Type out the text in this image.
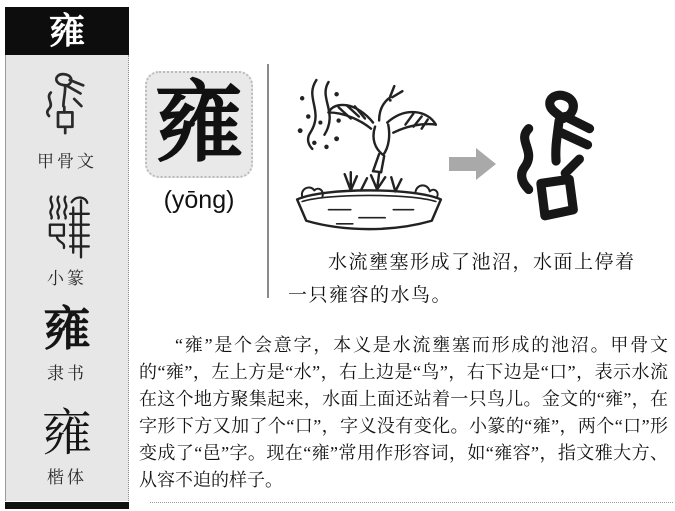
雍
甲骨文
小篆
雍
隶书
雍
楷体
雍
(yōng)
水流壅塞形成了池沼，水面上停着
一只雍容的水鸟。

“雍”是个会意字，本义是水流壅塞而形成的池沼。甲骨文的“雍”，左上方是“水”，右上边是“鸟”，右下边是“口”，表示水流在这个地方聚集起来，水面上面还站着一只鸟儿。金文的“雍”，在字形下方又加了个“口”，字义没有变化。小篆的“雍”，两个“口”形变成了“邑”字。现在“雍”常用作形容词，如“雍容”，指文雅大方、从容不迫的样子。
